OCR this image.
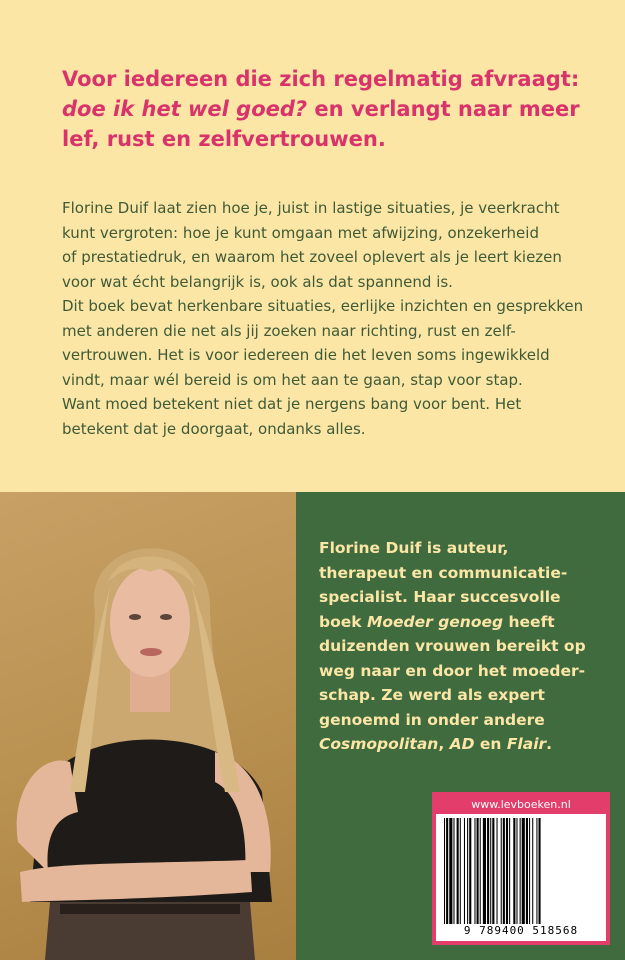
Voor iedereen die zich regelmatig afvraagt:
doe ik het wel goed? en verlangt naar meer
lef, rust en zelfvertrouwen.
Florine Duif laat zien hoe je, juist in lastige situaties, je veerkracht
kunt vergroten: hoe je kunt omgaan met afwijzing, onzekerheid
of prestatiedruk, en waarom het zoveel oplevert als je leert kiezen
voor wat écht belangrijk is, ook als dat spannend is.
Dit boek bevat herkenbare situaties, eerlijke inzichten en gesprekken
met anderen die net als jij zoeken naar richting, rust en zelf-
vertrouwen. Het is voor iedereen die het leven soms ingewikkeld
vindt, maar wél bereid is om het aan te gaan, stap voor stap.
Want moed betekent niet dat je nergens bang voor bent. Het
betekent dat je doorgaat, ondanks alles.
Florine Duif is auteur,
therapeut en communicatie-
specialist. Haar succesvolle
boek Moeder genoeg heeft
duizenden vrouwen bereikt op
weg naar en door het moeder-
schap. Ze werd als expert
genoemd in onder andere
Cosmopolitan, AD en Flair.
www.levboeken.nl
9 789400 518568
